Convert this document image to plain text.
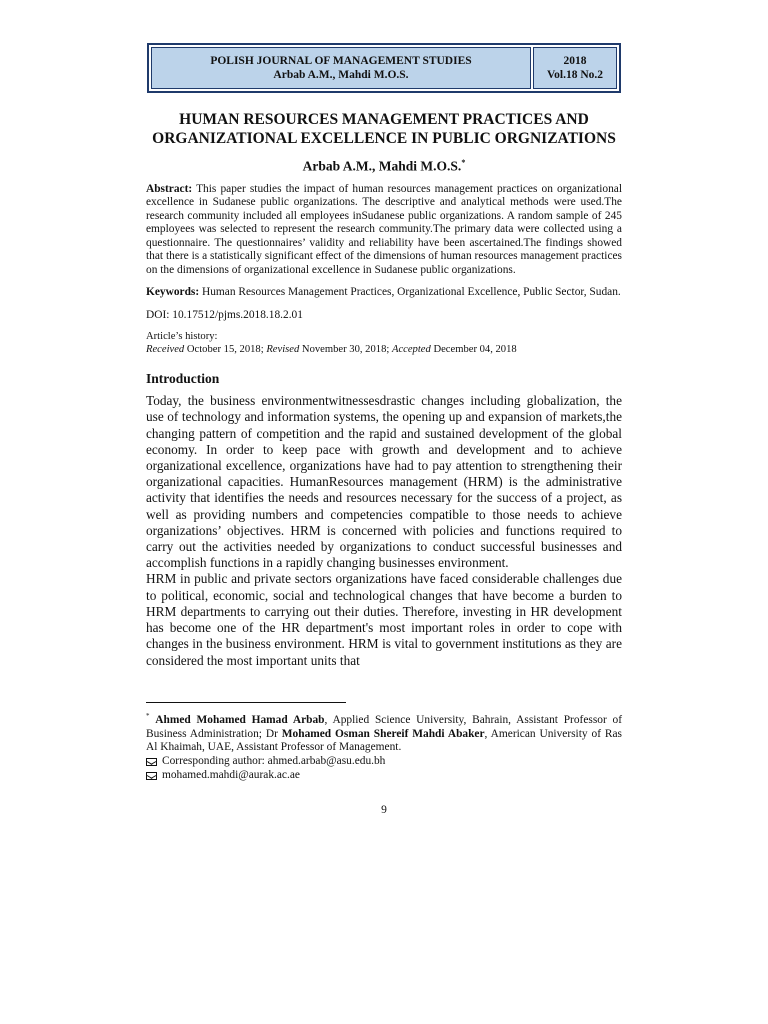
POLISH JOURNAL OF MANAGEMENT STUDIES
Arbab A.M., Mahdi M.O.S.
2018
Vol.18 No.2
HUMAN RESOURCES MANAGEMENT PRACTICES AND
ORGANIZATIONAL EXCELLENCE IN PUBLIC ORGNIZATIONS
Arbab A.M., Mahdi M.O.S.*
Abstract: This paper studies the impact of human resources management practices on organizational excellence in Sudanese public organizations. The descriptive and analytical methods were used.The research community included all employees inSudanese public organizations. A random sample of 245 employees was selected to represent the research community.The primary data were collected using a questionnaire. The questionnaires’ validity and reliability have been ascertained.The findings showed that there is a statistically significant effect of the dimensions of human resources management practices on the dimensions of organizational excellence in Sudanese public organizations.
Keywords: Human Resources Management Practices, Organizational Excellence, Public Sector, Sudan.
DOI: 10.17512/pjms.2018.18.2.01
Article’s history:
Received October 15, 2018; Revised November 30, 2018; Accepted December 04, 2018
Introduction

Today, the business environmentwitnessesdrastic changes including globalization, the use of technology and information systems, the opening up and expansion of markets,the changing pattern of competition and the rapid and sustained development of the global economy. In order to keep pace with growth and development and to achieve organizational excellence, organizations have had to pay attention to strengthening their organizational capacities. HumanResources management (HRM) is the administrative activity that identifies the needs and resources necessary for the success of a project, as well as providing numbers and competencies compatible to those needs to achieve organizations’ objectives. HRM is concerned with policies and functions required to carry out the activities needed by organizations to conduct successful businesses and accomplish functions in a rapidly changing businesses environment.

HRM in public and private sectors organizations have faced considerable challenges due to political, economic, social and technological changes that have become a burden to HRM departments to carrying out their duties. Therefore, investing in HR development has become one of the HR department's most important roles in order to cope with changes in the business environment. HRM is vital to government institutions as they are considered the most important units that

* Ahmed Mohamed Hamad Arbab, Applied Science University, Bahrain, Assistant Professor of Business Administration; Dr Mohamed Osman Shereif Mahdi Abaker, American University of Ras Al Khaimah, UAE, Assistant Professor of Management.
Corresponding author: ahmed.arbab@asu.edu.bh
mohamed.mahdi@aurak.ac.ae
9
